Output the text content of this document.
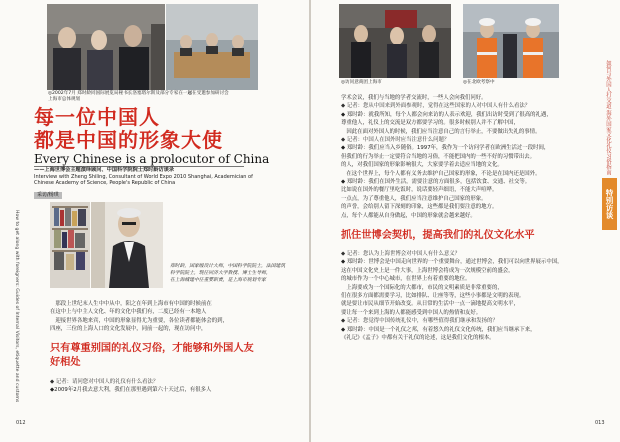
◎2002年7月 郑时龄同国际展览局秘书长洛塞塔尔斯及部分专家在一起
上海市总体规划
◎在受邀参加研讨会
每一位中国人
都是中国的形象大使
Every Chinese is a prolocutor of China
——上海世博会主题演绎顾问、中国科学院院士郑时龄访谈录
Interview with Zheng Shiling, Consultant of World Expo 2010 Shanghai, Academician of
Chinese Academy of Science, People's Republic of China
采访/杨琪

郑时龄，国家级设计大师，中国科学院院士，法国建筑

科学院院士，现任同济大学教授、博士生导师，

在上海城建中任重要职责，是上海市规划专家

　那段上世纪末人生中中从中，阳之在年到上海市有中国的时候前在

在这中上与中主人文化、年的文化中我们有，二度已经有一本地人

　迎接世界各地来宾，中国的形象显得尤为重要，各位读者都能体会的到，

四座，三位的上海人口的文化发展中，同前一起的，现在访问中，

只有尊重别国的礼仪习俗，才能够和外国人友
好相处

◆ 记者：请问您对中国人的礼仪有什么看法？

◆2009年2月我去意大利，我们在那里遇到第六十天过后，有很多人

How to get along with foreigners: Guides of Internal Visitors, etiquette and customs
012
◎访问意商团上海市	◎在北欧考察中

学术会议，我们与当地的学者交流时，一些人会向我们问好。

◆ 记者：您从中国来到外面参观时，觉得在这些国家的人对中国人有什么看法？

◆ 郑时龄：就我所知，每个人都会向来访的人表示欢迎，我们出访时受到了很高的礼遇，

尊重他人，礼仪上的交流是双方都要学习的。很多时候别人并不了解中国，

　因此在面对外国人的时候，我们应当注意自己的言行举止，不要做出失礼的事情。

◆ 记者：中国人在国外时应当注意什么问题？

◆ 郑时龄：我们应当入乡随俗。1997年，我作为一个访问学者在欧洲生活过一段时间，

但我们的行为举止一定要符合当地的习俗，不能把国内的一些不好的习惯带出去。

的人，对我们国家的形象影响很大，大家要学着去适应当地的文化。

　在这个世界上，每个人都有义务去维护自己国家的形象，不论是在国内还是国外。

◆ 郑时龄：我们在国外生活，需要注意的方面很多，包括饮食、交通、社交等。

比如说在国外的餐厅里吃饭时，说话要轻声细语，不能大声喧哗。

一点点，为了尊重他人，我们应当注意维护自己国家的形象。

的声誉，会给别人留下深刻的印象，这些都是我们要注意的地方。

点，每个人都能从自身做起，中国的形象就会越来越好。

抓住世博会契机，提高我们的礼仪文化水平

◆ 记者：您认为上海世博会对中国人有什么意义？

◆ 郑时龄：世博会是中国走向世界的一个重要舞台，通过世博会，我们可以向世界展示中国，

这在中国文化史上是一件大事，上海世博会将成为一次规模空前的盛会，

的城市作为一个中心城市，在世界上有着重要的地位。

　上海要成为一个国际化的大都市，市民的文明素质是非常重要的，

们在很多方面都需要学习，比如排队、让座等等，这些小事都是文明的表现。

就是要让市民从细节开始改变。从日常的生活中一点一滴地提高文明水平，

要让每一个来到上海的人都能感受到中国人的热情和友好。

◆ 记者：您觉得中国传统礼仪中，有哪些值得我们继承和发扬的？

◆ 郑时龄：中国是一个礼仪之邦，有着悠久的礼仪文化传统，我们应当继承下来，

《礼记》《孟子》中都有关于礼仪的论述，这是我们文化的根本。

如何与外国人打交道 海外国家文化礼仪习俗指南
特别访谈
013
